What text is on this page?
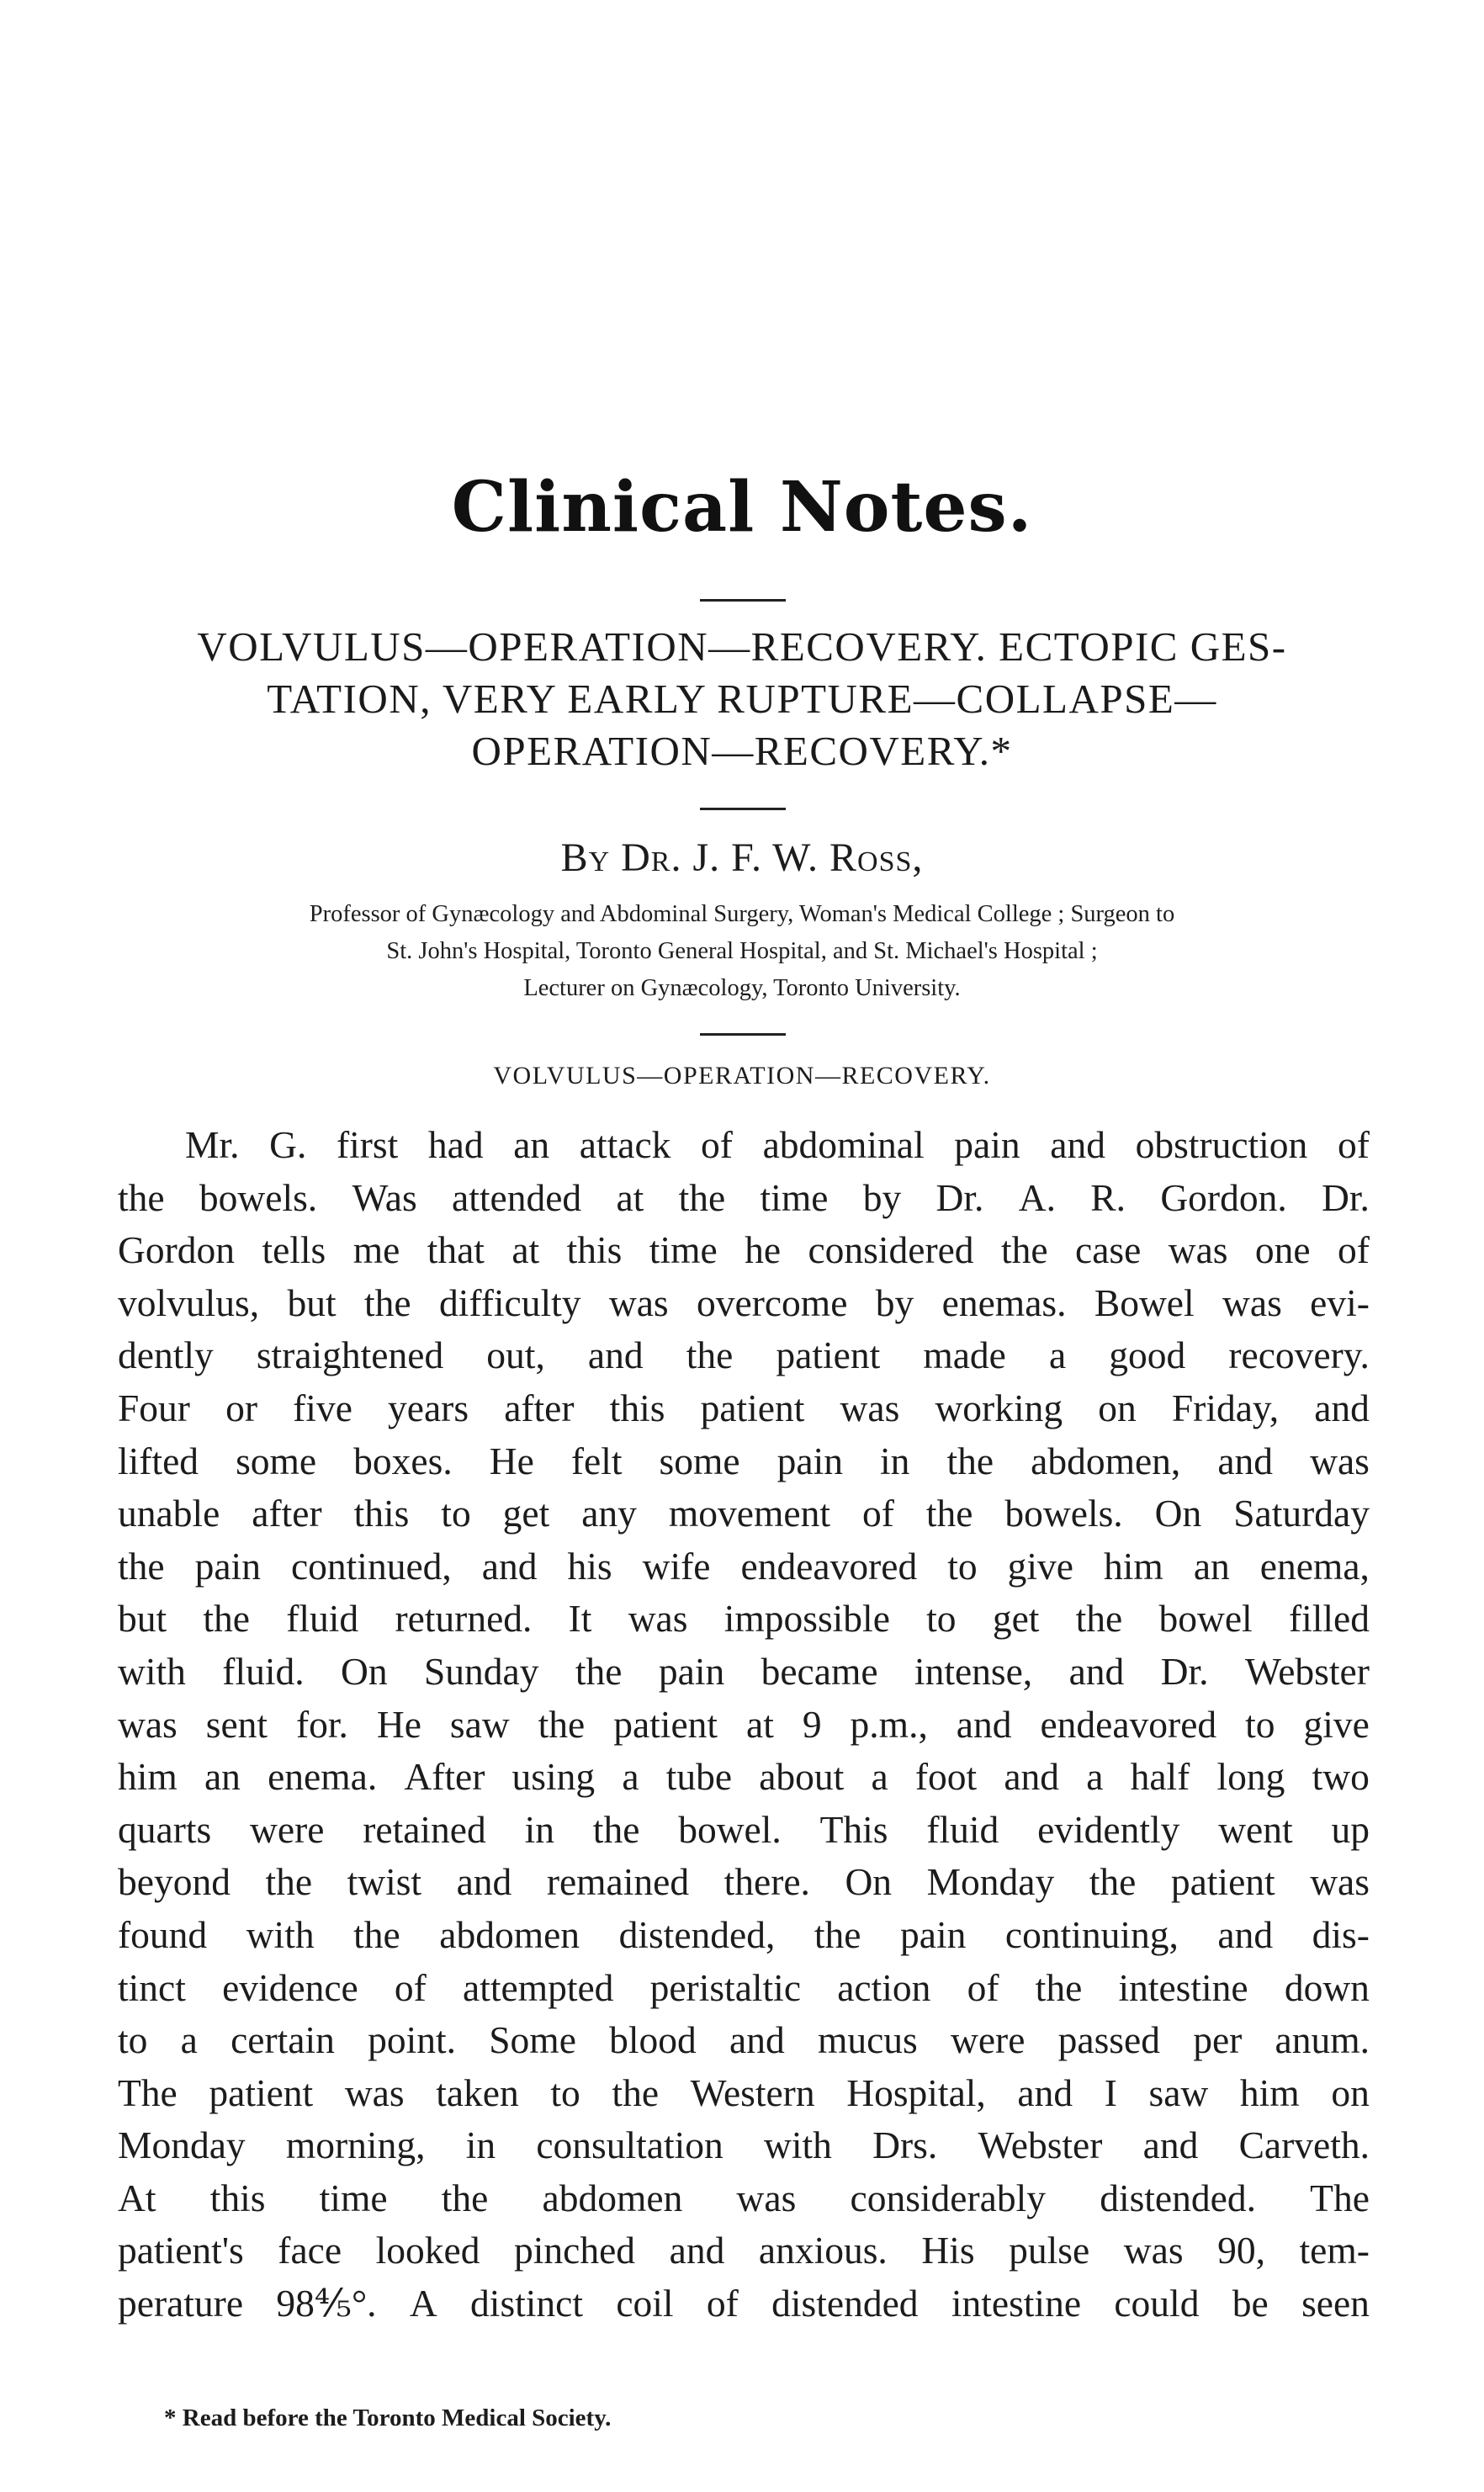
Clinical Notes.
VOLVULUS—OPERATION—RECOVERY. ECTOPIC GES-
TATION, VERY EARLY RUPTURE—COLLAPSE—
OPERATION—RECOVERY.*
By Dr. J. F. W. Ross,
Professor of Gynæcology and Abdominal Surgery, Woman's Medical College ; Surgeon to
St. John's Hospital, Toronto General Hospital, and St. Michael's Hospital ;
Lecturer on Gynæcology, Toronto University.
VOLVULUS—OPERATION—RECOVERY.
Mr. G. first had an attack of abdominal pain and obstruction of
the bowels. Was attended at the time by Dr. A. R. Gordon. Dr.
Gordon tells me that at this time he considered the case was one of
volvulus, but the difficulty was overcome by enemas. Bowel was evi-
dently straightened out, and the patient made a good recovery.
Four or five years after this patient was working on Friday, and
lifted some boxes. He felt some pain in the abdomen, and was
unable after this to get any movement of the bowels. On Saturday
the pain continued, and his wife endeavored to give him an enema,
but the fluid returned. It was impossible to get the bowel filled
with fluid. On Sunday the pain became intense, and Dr. Webster
was sent for. He saw the patient at 9 p.m., and endeavored to give
him an enema. After using a tube about a foot and a half long two
quarts were retained in the bowel. This fluid evidently went up
beyond the twist and remained there. On Monday the patient was
found with the abdomen distended, the pain continuing, and dis-
tinct evidence of attempted peristaltic action of the intestine down
to a certain point. Some blood and mucus were passed per anum.
The patient was taken to the Western Hospital, and I saw him on
Monday morning, in consultation with Drs. Webster and Carveth.
At this time the abdomen was considerably distended. The
patient's face looked pinched and anxious. His pulse was 90, tem-
perature 98⅘°. A distinct coil of distended intestine could be seen
* Read before the Toronto Medical Society.
